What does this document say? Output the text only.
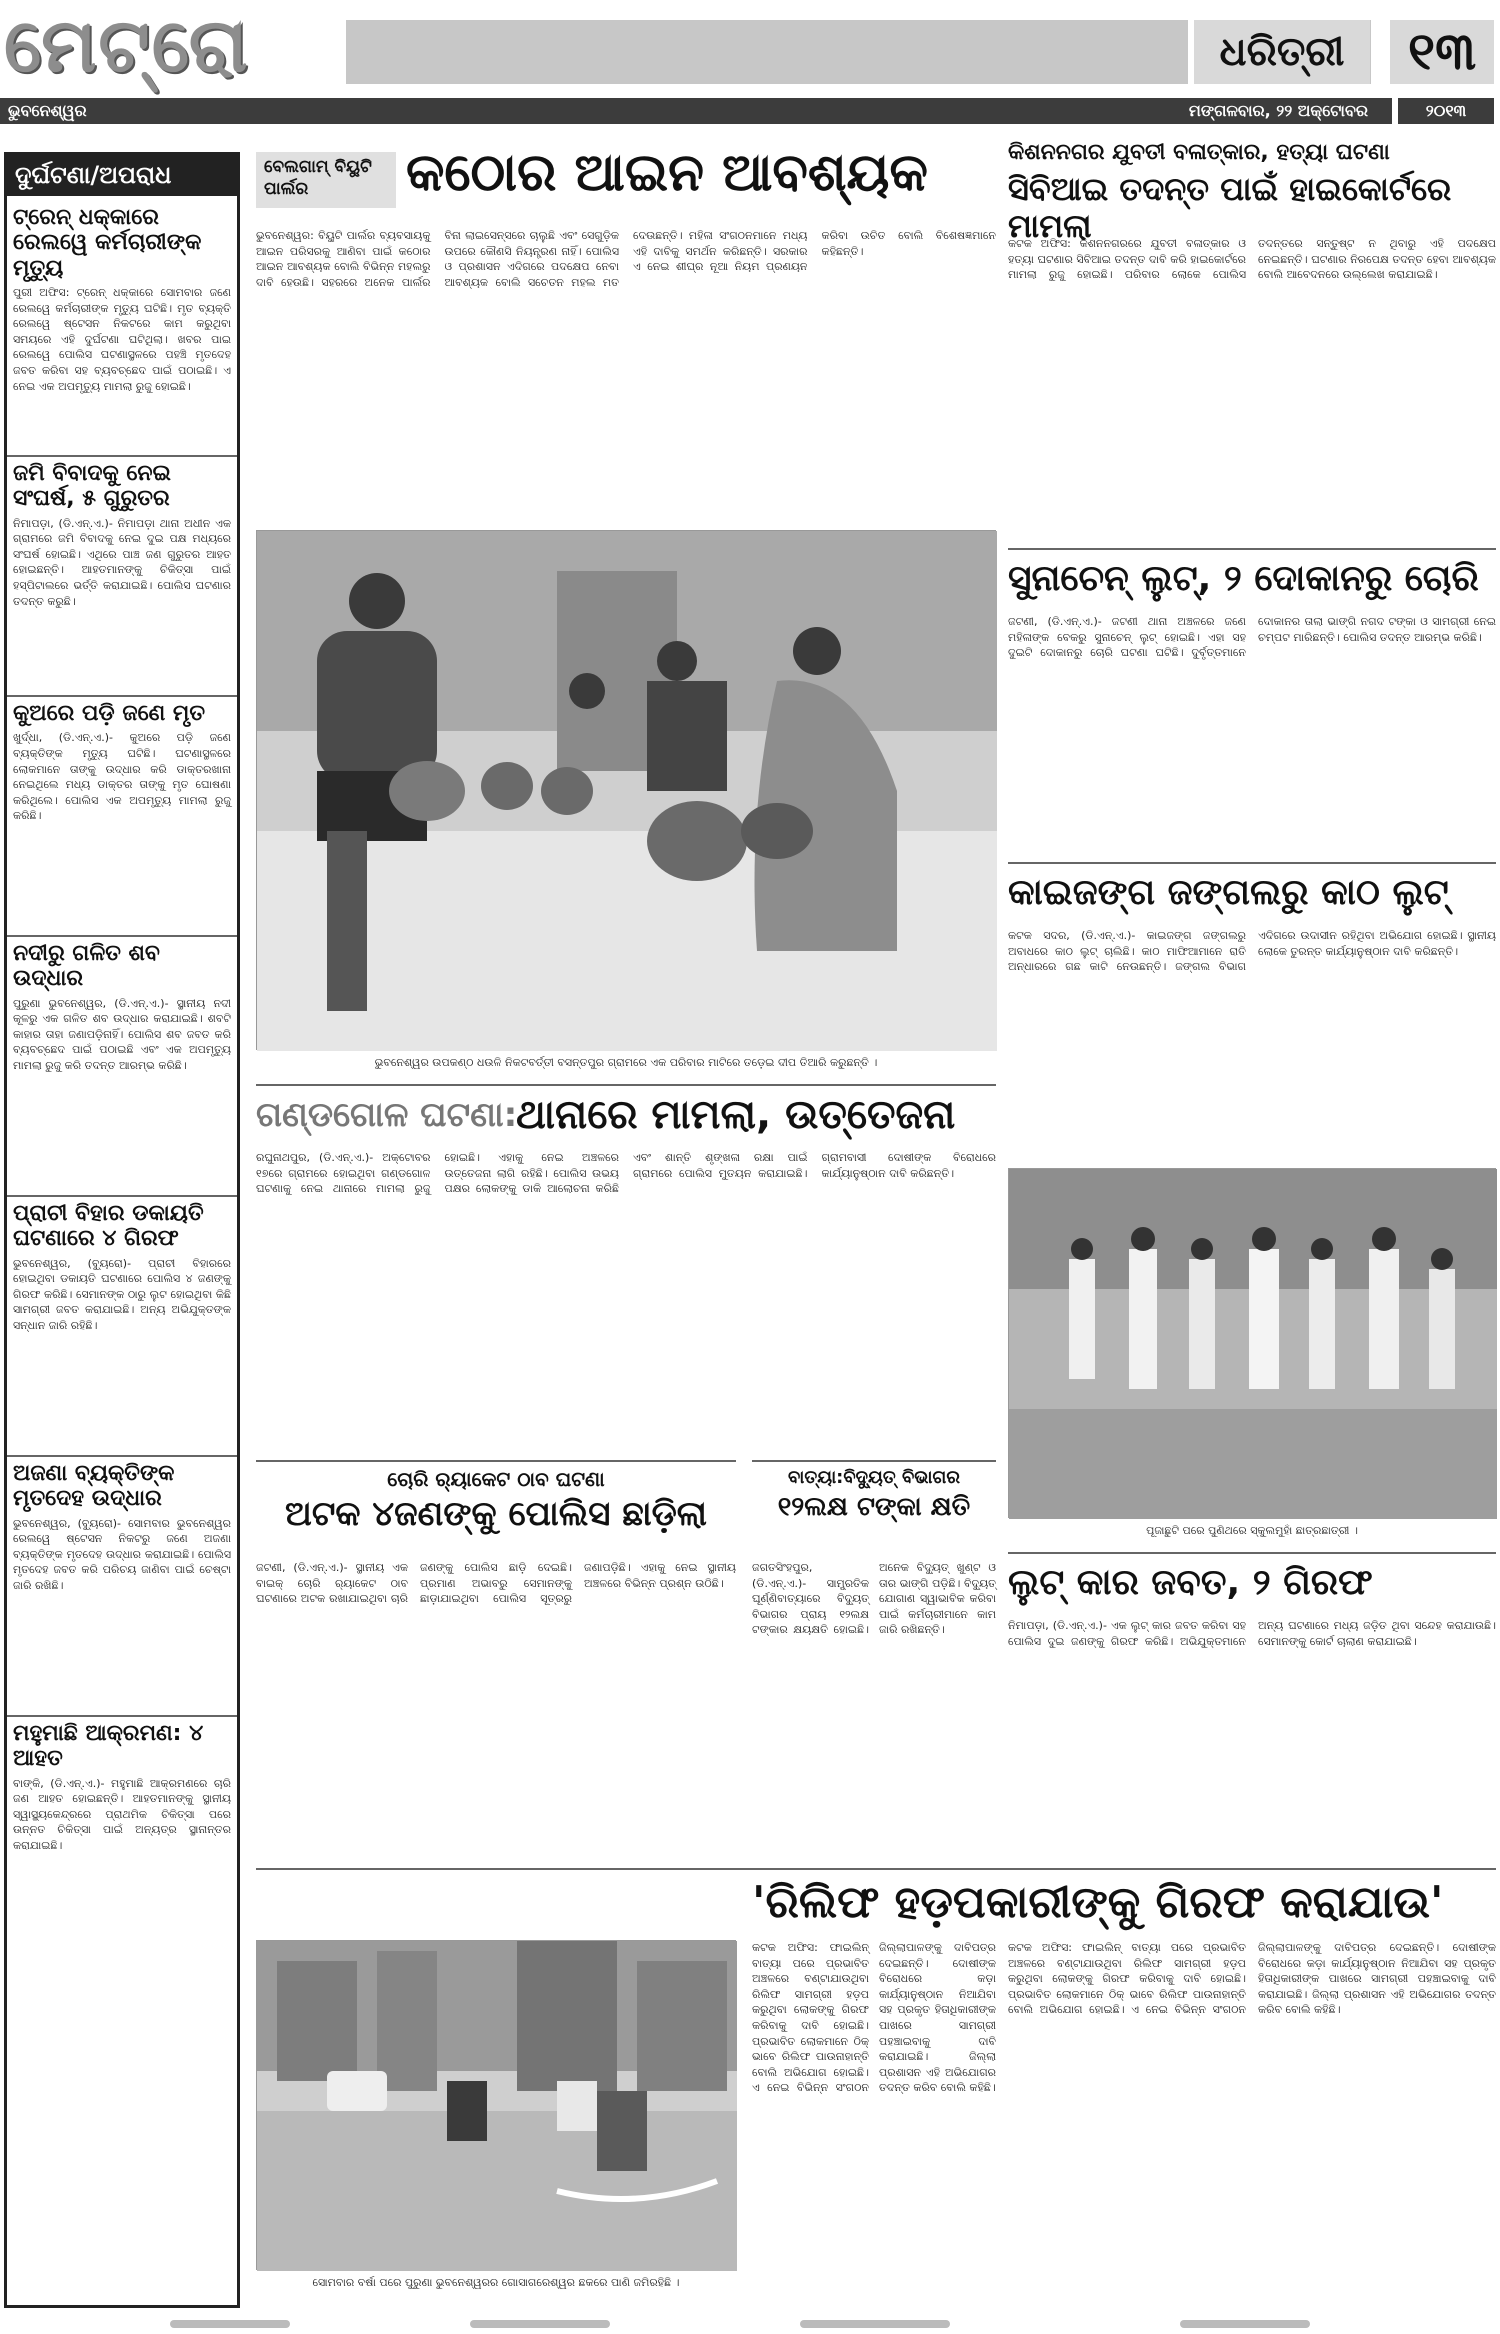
ମେଟ୍ରୋ	ଧରିତ୍ରୀ	୧୩
ଭୁବନେଶ୍ୱର	ମଙ୍ଗଳବାର, ୨୨ ଅକ୍ଟୋବର	୨୦୧୩
ଦୁର୍ଘଟଣା/ଅପରାଧ
ଟ୍ରେନ୍ ଧକ୍କାରେ ରେଲୱେ କର୍ମଚାରୀଙ୍କ ମୃତ୍ୟୁ
ପୁରୀ ଅଫିସ: ଟ୍ରେନ୍ ଧକ୍କାରେ ସୋମବାର ଜଣେ ରେଲୱେ କର୍ମଚାରୀଙ୍କ ମୃତ୍ୟୁ ଘଟିଛି। ମୃତ ବ୍ୟକ୍ତି ରେଲୱେ ଷ୍ଟେସନ ନିକଟରେ କାମ କରୁଥିବା ସମୟରେ ଏହି ଦୁର୍ଘଟଣା ଘଟିଥିଲା। ଖବର ପାଇ ରେଲୱେ ପୋଲିସ ଘଟଣାସ୍ଥଳରେ ପହଞ୍ଚି ମୃତଦେହ ଜବତ କରିବା ସହ ବ୍ୟବଚ୍ଛେଦ ପାଇଁ ପଠାଇଛି। ଏ ନେଇ ଏକ ଅପମୃତ୍ୟୁ ମାମଲା ରୁଜୁ ହୋଇଛି।
ଜମି ବିବାଦକୁ ନେଇ ସଂଘର୍ଷ, ୫ ଗୁରୁତର
ନିମାପଡ଼ା, (ଡି.ଏନ୍.ଏ.)- ନିମାପଡ଼ା ଥାନା ଅଧୀନ ଏକ ଗ୍ରାମରେ ଜମି ବିବାଦକୁ ନେଇ ଦୁଇ ପକ୍ଷ ମଧ୍ୟରେ ସଂଘର୍ଷ ହୋଇଛି। ଏଥିରେ ପାଞ୍ଚ ଜଣ ଗୁରୁତର ଆହତ ହୋଇଛନ୍ତି। ଆହତମାନଙ୍କୁ ଚିକିତ୍ସା ପାଇଁ ହସ୍ପିଟାଲରେ ଭର୍ତ୍ତି କରାଯାଇଛି। ପୋଲିସ ଘଟଣାର ତଦନ୍ତ କରୁଛି।
କୁଅରେ ପଡ଼ି ଜଣେ ମୃତ
ଖୁର୍ଦ୍ଧା, (ଡି.ଏନ୍.ଏ.)- କୁଅରେ ପଡ଼ି ଜଣେ ବ୍ୟକ୍ତିଙ୍କ ମୃତ୍ୟୁ ଘଟିଛି। ଘଟଣାସ୍ଥଳରେ ଲୋକମାନେ ତାଙ୍କୁ ଉଦ୍ଧାର କରି ଡାକ୍ତରଖାନା ନେଇଥିଲେ ମଧ୍ୟ ଡାକ୍ତର ତାଙ୍କୁ ମୃତ ଘୋଷଣା କରିଥିଲେ। ପୋଲିସ ଏକ ଅପମୃତ୍ୟୁ ମାମଲା ରୁଜୁ କରିଛି।
ନଦୀରୁ ଗଳିତ ଶବ ଉଦ୍ଧାର
ପୁରୁଣା ଭୁବନେଶ୍ୱର, (ଡି.ଏନ୍.ଏ.)- ସ୍ଥାନୀୟ ନଦୀ କୂଳରୁ ଏକ ଗଳିତ ଶବ ଉଦ୍ଧାର କରାଯାଇଛି। ଶବଟି କାହାର ତାହା ଜଣାପଡ଼ିନାହିଁ। ପୋଲିସ ଶବ ଜବତ କରି ବ୍ୟବଚ୍ଛେଦ ପାଇଁ ପଠାଇଛି ଏବଂ ଏକ ଅପମୃତ୍ୟୁ ମାମଲା ରୁଜୁ କରି ତଦନ୍ତ ଆରମ୍ଭ କରିଛି।
ପ୍ରାଚୀ ବିହାର ଡକାୟତି ଘଟଣାରେ ୪ ଗିରଫ
ଭୁବନେଶ୍ୱର, (ବ୍ୟୁରୋ)- ପ୍ରାଚୀ ବିହାରରେ ହୋଇଥିବା ଡକାୟତି ଘଟଣାରେ ପୋଲିସ ୪ ଜଣଙ୍କୁ ଗିରଫ କରିଛି। ସେମାନଙ୍କ ଠାରୁ ଲୁଟ ହୋଇଥିବା କିଛି ସାମଗ୍ରୀ ଜବତ କରାଯାଇଛି। ଅନ୍ୟ ଅଭିଯୁକ୍ତଙ୍କ ସନ୍ଧାନ ଜାରି ରହିଛି।
ଅଜଣା ବ୍ୟକ୍ତିଙ୍କ ମୃତଦେହ ଉଦ୍ଧାର
ଭୁବନେଶ୍ୱର, (ବ୍ୟୁରୋ)- ସୋମବାର ଭୁବନେଶ୍ୱର ରେଲୱେ ଷ୍ଟେସନ ନିକଟରୁ ଜଣେ ଅଜଣା ବ୍ୟକ୍ତିଙ୍କ ମୃତଦେହ ଉଦ୍ଧାର କରାଯାଇଛି। ପୋଲିସ ମୃତଦେହ ଜବତ କରି ପରିଚୟ ଜାଣିବା ପାଇଁ ଚେଷ୍ଟା ଜାରି ରଖିଛି।
ମହୁମାଛି ଆକ୍ରମଣ: ୪ ଆହତ
ବାଙ୍କି, (ଡି.ଏନ୍.ଏ.)- ମହୁମାଛି ଆକ୍ରମଣରେ ଚାରି ଜଣ ଆହତ ହୋଇଛନ୍ତି। ଆହତମାନଙ୍କୁ ସ୍ଥାନୀୟ ସ୍ୱାସ୍ଥ୍ୟକେନ୍ଦ୍ରରେ ପ୍ରାଥମିକ ଚିକିତ୍ସା ପରେ ଉନ୍ନତ ଚିକିତ୍ସା ପାଇଁ ଅନ୍ୟତ୍ର ସ୍ଥାନାନ୍ତର କରାଯାଇଛି।
ବେଲଗାମ୍ ବିୟୁଟି ପାର୍ଲର	କଠୋର ଆଇନ ଆବଶ୍ୟକ
ଭୁବନେଶ୍ୱର: ବିୟୁଟି ପାର୍ଲର ବ୍ୟବସାୟକୁ ଆଇନ ପରିସରକୁ ଆଣିବା ପାଇଁ କଠୋର ଆଇନ ଆବଶ୍ୟକ ବୋଲି ବିଭିନ୍ନ ମହଲରୁ ଦାବି ହେଉଛି। ସହରରେ ଅନେକ ପାର୍ଲର ବିନା ଲାଇସେନ୍ସରେ ଚାଲୁଛି ଏବଂ ସେଗୁଡ଼ିକ ଉପରେ କୌଣସି ନିୟନ୍ତ୍ରଣ ନାହିଁ। ପୋଲିସ ଓ ପ୍ରଶାସନ ଏଦିଗରେ ପଦକ୍ଷେପ ନେବା ଆବଶ୍ୟକ ବୋଲି ସଚେତନ ମହଲ ମତ ଦେଉଛନ୍ତି। ମହିଳା ସଂଗଠନମାନେ ମଧ୍ୟ ଏହି ଦାବିକୁ ସମର୍ଥନ କରିଛନ୍ତି। ସରକାର ଏ ନେଇ ଶୀଘ୍ର ନୂଆ ନିୟମ ପ୍ରଣୟନ କରିବା ଉଚିତ ବୋଲି ବିଶେଷଜ୍ଞମାନେ କହିଛନ୍ତି।
ଭୁବନେଶ୍ୱର ଉପକଣ୍ଠ ଧଉଳି ନିକଟବର୍ତ୍ତୀ ବସନ୍ତପୁର ଗ୍ରାମରେ ଏକ ପରିବାର ମାଟିରେ ତଡ଼େଇ ଦୀପ ତିଆରି କରୁଛନ୍ତି ।
ଗଣ୍ଡଗୋଳ ଘଟଣା:
ଥାନାରେ ମାମଲା, ଉତ୍ତେଜନା
ରଘୁନାଥପୁର, (ଡି.ଏନ୍.ଏ.)- ଅକ୍ଟୋବର ୧୭ରେ ଗ୍ରାମରେ ହୋଇଥିବା ଗଣ୍ଡଗୋଳ ଘଟଣାକୁ ନେଇ ଥାନାରେ ମାମଲା ରୁଜୁ ହୋଇଛି। ଏହାକୁ ନେଇ ଅଞ୍ଚଳରେ ଉତ୍ତେଜନା ଲାଗି ରହିଛି। ପୋଲିସ ଉଭୟ ପକ୍ଷର ଲୋକଙ୍କୁ ଡାକି ଆଲୋଚନା କରିଛି ଏବଂ ଶାନ୍ତି ଶୃଙ୍ଖଳା ରକ୍ଷା ପାଇଁ ଗ୍ରାମରେ ପୋଲିସ ମୁତୟନ କରାଯାଇଛି। ଗ୍ରାମବାସୀ ଦୋଷୀଙ୍କ ବିରୋଧରେ କାର୍ଯ୍ୟାନୁଷ୍ଠାନ ଦାବି କରିଛନ୍ତି।
ଚୋରି ର‌୍ୟାକେଟ ଠାବ ଘଟଣା
ଅଟକ ୪ଜଣଙ୍କୁ ପୋଲିସ ଛାଡ଼ିଲା
ଜଟଣୀ, (ଡି.ଏନ୍.ଏ.)- ସ୍ଥାନୀୟ ଏକ ବାଇକ୍ ଚୋରି ର‌୍ୟାକେଟ ଠାବ ଘଟଣାରେ ଅଟକ ରଖାଯାଇଥିବା ଚାରି ଜଣଙ୍କୁ ପୋଲିସ ଛାଡ଼ି ଦେଇଛି। ପ୍ରମାଣ ଅଭାବରୁ ସେମାନଙ୍କୁ ଛାଡ଼ାଯାଇଥିବା ପୋଲିସ ସୂତ୍ରରୁ ଜଣାପଡ଼ିଛି। ଏହାକୁ ନେଇ ସ୍ଥାନୀୟ ଅଞ୍ଚଳରେ ବିଭିନ୍ନ ପ୍ରଶ୍ନ ଉଠିଛି।
ବାତ୍ୟା:ବିଦ୍ୟୁତ୍ ବିଭାଗର
୧୨ଲକ୍ଷ ଟଙ୍କା କ୍ଷତି
ଜଗତସିଂହପୁର, (ଡି.ଏନ୍.ଏ.)- ସାମ୍ପ୍ରତିକ ଘୂର୍ଣ୍ଣିବାତ୍ୟାରେ ବିଦ୍ୟୁତ୍ ବିଭାଗର ପ୍ରାୟ ୧୨ଲକ୍ଷ ଟଙ୍କାର କ୍ଷୟକ୍ଷତି ହୋଇଛି। ଅନେକ ବିଦ୍ୟୁତ୍ ଖୁଣ୍ଟ ଓ ତାର ଭାଙ୍ଗି ପଡ଼ିଛି। ବିଦ୍ୟୁତ୍ ଯୋଗାଣ ସ୍ୱାଭାବିକ କରିବା ପାଇଁ କର୍ମଚାରୀମାନେ କାମ ଜାରି ରଖିଛନ୍ତି।
'ରିଲିଫ ହଡ଼ପକାରୀଙ୍କୁ ଗିରଫ କରାଯାଉ'
ସୋମବାର ବର୍ଷା ପରେ ପୁରୁଣା ଭୁବନେଶ୍ୱରର ଗୋସାଗରେଶ୍ୱର ଛକରେ ପାଣି ଜମିରହିଛି ।
କଟକ ଅଫିସ: ଫାଇଲିନ୍ ବାତ୍ୟା ପରେ ପ୍ରଭାବିତ ଅଞ୍ଚଳରେ ବଣ୍ଟାଯାଉଥିବା ରିଲିଫ ସାମଗ୍ରୀ ହଡ଼ପ କରୁଥିବା ଲୋକଙ୍କୁ ଗିରଫ କରିବାକୁ ଦାବି ହୋଇଛି। ପ୍ରଭାବିତ ଲୋକମାନେ ଠିକ୍ ଭାବେ ରିଲିଫ ପାଉନାହାନ୍ତି ବୋଲି ଅଭିଯୋଗ ହୋଇଛି। ଏ ନେଇ ବିଭିନ୍ନ ସଂଗଠନ ଜିଲ୍ଲାପାଳଙ୍କୁ ଦାବିପତ୍ର ଦେଇଛନ୍ତି। ଦୋଷୀଙ୍କ ବିରୋଧରେ କଡ଼ା କାର୍ଯ୍ୟାନୁଷ୍ଠାନ ନିଆଯିବା ସହ ପ୍ରକୃତ ହିତାଧିକାରୀଙ୍କ ପାଖରେ ସାମଗ୍ରୀ ପହଞ୍ଚାଇବାକୁ ଦାବି କରାଯାଇଛି। ଜିଲ୍ଲା ପ୍ରଶାସନ ଏହି ଅଭିଯୋଗର ତଦନ୍ତ କରିବ ବୋଲି କହିଛି।
କିଶନନଗର ଯୁବତୀ ବଳାତ୍କାର, ହତ୍ୟା ଘଟଣା
ସିବିଆଇ ତଦନ୍ତ ପାଇଁ ହାଇକୋର୍ଟରେ ମାମଲା
କଟକ ଅଫିସ: କିଶନନଗରରେ ଯୁବତୀ ବଳାତ୍କାର ଓ ହତ୍ୟା ଘଟଣାର ସିବିଆଇ ତଦନ୍ତ ଦାବି କରି ହାଇକୋର୍ଟରେ ମାମଲା ରୁଜୁ ହୋଇଛି। ପରିବାର ଲୋକେ ପୋଲିସ ତଦନ୍ତରେ ସନ୍ତୁଷ୍ଟ ନ ଥିବାରୁ ଏହି ପଦକ୍ଷେପ ନେଇଛନ୍ତି। ଘଟଣାର ନିରପେକ୍ଷ ତଦନ୍ତ ହେବା ଆବଶ୍ୟକ ବୋଲି ଆବେଦନରେ ଉଲ୍ଲେଖ କରାଯାଇଛି।
ସୁନାଚେନ୍ ଲୁଟ୍, ୨ ଦୋକାନରୁ ଚୋରି
ଜଟଣୀ, (ଡି.ଏନ୍.ଏ.)- ଜଟଣୀ ଥାନା ଅଞ୍ଚଳରେ ଜଣେ ମହିଳାଙ୍କ ବେକରୁ ସୁନାଚେନ୍ ଲୁଟ୍ ହୋଇଛି। ଏହା ସହ ଦୁଇଟି ଦୋକାନରୁ ଚୋରି ଘଟଣା ଘଟିଛି। ଦୁର୍ବୃତ୍ତମାନେ ଦୋକାନର ତାଲା ଭାଙ୍ଗି ନଗଦ ଟଙ୍କା ଓ ସାମଗ୍ରୀ ନେଇ ଚମ୍ପଟ ମାରିଛନ୍ତି। ପୋଲିସ ତଦନ୍ତ ଆରମ୍ଭ କରିଛି।
କାଇଜଙ୍ଗ ଜଙ୍ଗଲରୁ କାଠ ଲୁଟ୍
କଟକ ସଦର, (ଡି.ଏନ୍.ଏ.)- କାଇଜଙ୍ଗ ଜଙ୍ଗଲରୁ ଅବାଧରେ କାଠ ଲୁଟ୍ ଚାଲିଛି। କାଠ ମାଫିଆମାନେ ରାତି ଅନ୍ଧାରରେ ଗଛ କାଟି ନେଉଛନ୍ତି। ଜଙ୍ଗଲ ବିଭାଗ ଏଦିଗରେ ଉଦାସୀନ ରହିଥିବା ଅଭିଯୋଗ ହୋଇଛି। ସ୍ଥାନୀୟ ଲୋକେ ତୁରନ୍ତ କାର୍ଯ୍ୟାନୁଷ୍ଠାନ ଦାବି କରିଛନ୍ତି।
ପୂଜାଛୁଟି ପରେ ପୁଣିଥରେ ସ୍କୁଲମୁହାଁ ଛାତ୍ରଛାତ୍ରୀ ।
ଲୁଟ୍ କାର ଜବତ, ୨ ଗିରଫ
ନିମାପଡ଼ା, (ଡି.ଏନ୍.ଏ.)- ଏକ ଲୁଟ୍ କାର ଜବତ କରିବା ସହ ପୋଲିସ ଦୁଇ ଜଣଙ୍କୁ ଗିରଫ କରିଛି। ଅଭିଯୁକ୍ତମାନେ ଅନ୍ୟ ଘଟଣାରେ ମଧ୍ୟ ଜଡ଼ିତ ଥିବା ସନ୍ଦେହ କରାଯାଉଛି। ସେମାନଙ୍କୁ କୋର୍ଟ ଚାଲାଣ କରାଯାଇଛି।
କଟକ ଅଫିସ: ଫାଇଲିନ୍ ବାତ୍ୟା ପରେ ପ୍ରଭାବିତ ଅଞ୍ଚଳରେ ବଣ୍ଟାଯାଉଥିବା ରିଲିଫ ସାମଗ୍ରୀ ହଡ଼ପ କରୁଥିବା ଲୋକଙ୍କୁ ଗିରଫ କରିବାକୁ ଦାବି ହୋଇଛି। ପ୍ରଭାବିତ ଲୋକମାନେ ଠିକ୍ ଭାବେ ରିଲିଫ ପାଉନାହାନ୍ତି ବୋଲି ଅଭିଯୋଗ ହୋଇଛି। ଏ ନେଇ ବିଭିନ୍ନ ସଂଗଠନ ଜିଲ୍ଲାପାଳଙ୍କୁ ଦାବିପତ୍ର ଦେଇଛନ୍ତି। ଦୋଷୀଙ୍କ ବିରୋଧରେ କଡ଼ା କାର୍ଯ୍ୟାନୁଷ୍ଠାନ ନିଆଯିବା ସହ ପ୍ରକୃତ ହିତାଧିକାରୀଙ୍କ ପାଖରେ ସାମଗ୍ରୀ ପହଞ୍ଚାଇବାକୁ ଦାବି କରାଯାଇଛି। ଜିଲ୍ଲା ପ୍ରଶାସନ ଏହି ଅଭିଯୋଗର ତଦନ୍ତ କରିବ ବୋଲି କହିଛି।
